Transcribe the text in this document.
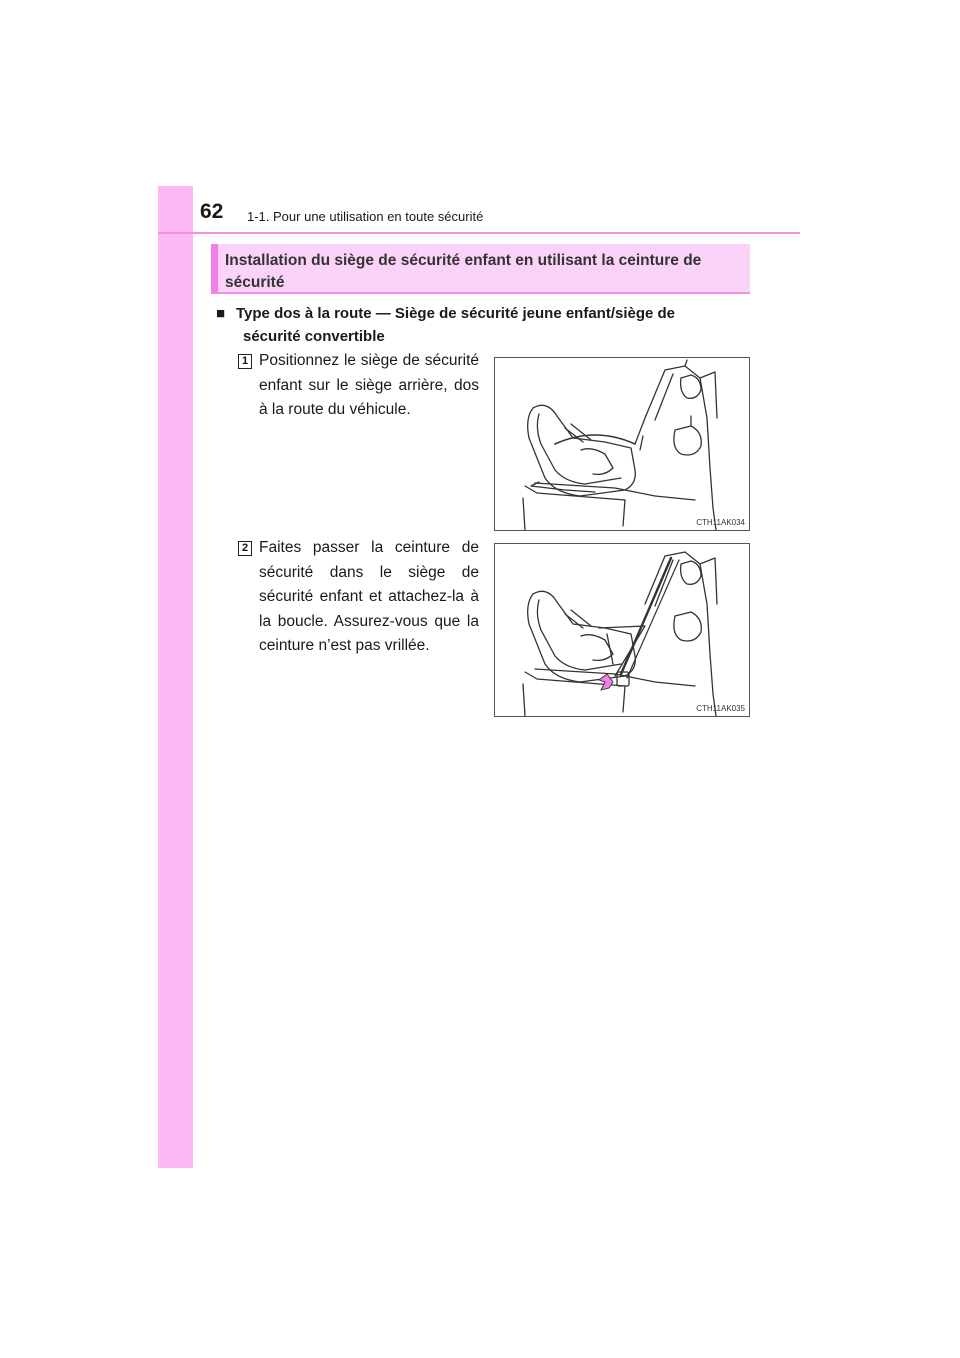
62 1-1. Pour une utilisation en toute sécurité
Installation du siège de sécurité enfant en utilisant la ceinture de sécurité
■ Type dos à la route — Siège de sécurité jeune enfant/siège de
sécurité convertible
1 Positionnez le siège de sécurité enfant sur le siège arrière, dos à la route du véhicule.
CTH11AK034
2 Faites passer la ceinture de sécurité dans le siège de sécurité enfant et attachez-la à la boucle. Assurez-vous que la ceinture n’est pas vrillée.
CTH11AK035
